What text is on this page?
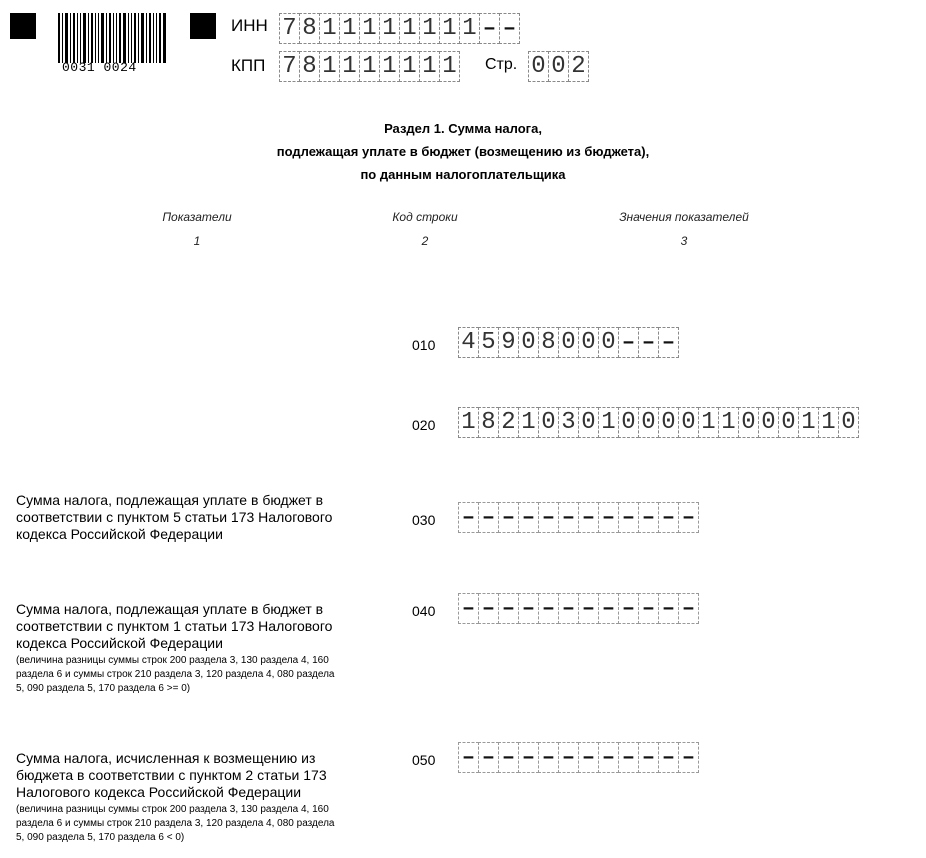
0031 0024
ИНН 7 8 1 1 1 1 1 1 1 1
–
–
КПП 7 8 1 1 1 1 1 1 1 Стр. 0 0 2
Раздел 1. Сумма налога,
подлежащая уплате в бюджет (возмещению из бюджета),
по данным налогоплательщика
Показатели
1
Код строки
2
Значения показателей
3
010 4 5 9 0 8 0 0 0
–
–
–
020 1 8 2 1 0 3 0 1 0 0 0 0 1 1 0 0 0 1 1 0
Сумма налога, подлежащая уплате в бюджет в
соответствии с пунктом 5 статьи 173 Налогового
кодекса Российской Федерации
030
–
–
–
–
–
–
–
–
–
–
–
–
Сумма налога, подлежащая уплате в бюджет в
соответствии с пунктом 1 статьи 173 Налогового
кодекса Российской Федерации
(величина разницы суммы строк 200 раздела 3, 130 раздела 4, 160
раздела 6 и суммы строк 210 раздела 3, 120 раздела 4, 080 раздела
5, 090 раздела 5, 170 раздела 6 >= 0)
040
–
–
–
–
–
–
–
–
–
–
–
–
Сумма налога, исчисленная к возмещению из
бюджета в соответствии с пунктом 2 статьи 173
Налогового кодекса Российской Федерации
(величина разницы суммы строк 200 раздела 3, 130 раздела 4, 160
раздела 6 и суммы строк 210 раздела 3, 120 раздела 4, 080 раздела
5, 090 раздела 5, 170 раздела 6 < 0)
050
–
–
–
–
–
–
–
–
–
–
–
–
